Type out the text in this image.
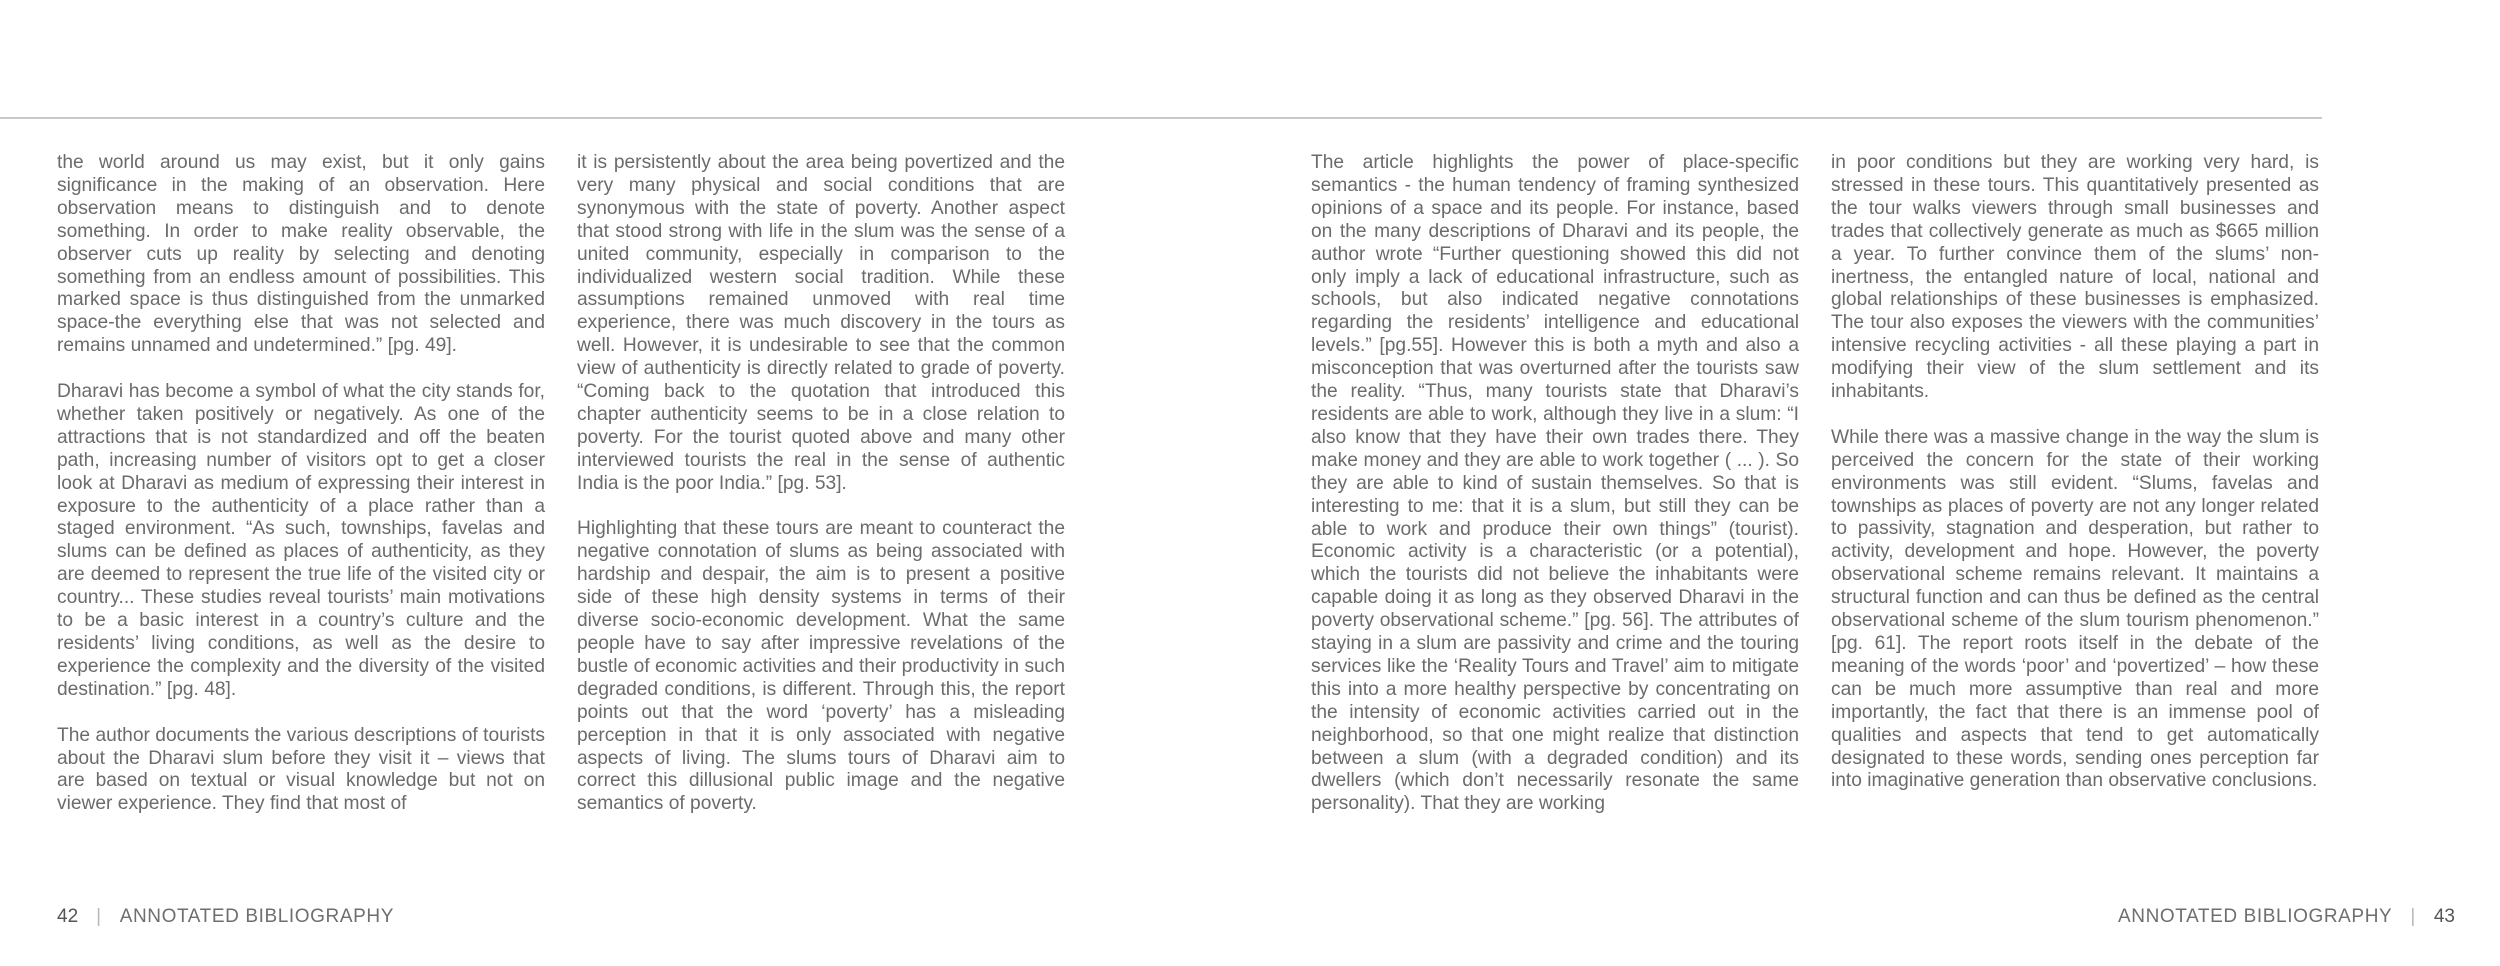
the world around us may exist, but it only gains significance in the making of an observation. Here observation means to distinguish and to denote something. In order to make reality observable, the observer cuts up reality by selecting and denoting something from an endless amount of possibilities. This marked space is thus distinguished from the unmarked space-the everything else that was not selected and remains unnamed and undetermined.” [pg. 49].

Dharavi has become a symbol of what the city stands for, whether taken positively or negatively. As one of the attractions that is not standardized and off the beaten path, increasing number of visitors opt to get a closer look at Dharavi as medium of expressing their interest in exposure to the authenticity of a place rather than a staged environment. “As such, townships, favelas and slums can be defined as places of authenticity, as they are deemed to represent the true life of the visited city or country... These studies reveal tourists’ main motivations to be a basic interest in a country’s culture and the residents’ living conditions, as well as the desire to experience the complexity and the diversity of the visited destination.” [pg. 48].

The author documents the various descriptions of tourists about the Dharavi slum before they visit it – views that are based on textual or visual knowledge but not on viewer experience. They find that most of

it is persistently about the area being povertized and the very many physical and social conditions that are synonymous with the state of poverty. Another aspect that stood strong with life in the slum was the sense of a united community, especially in comparison to the individualized western social tradition. While these assumptions remained unmoved with real time experience, there was much discovery in the tours as well. However, it is undesirable to see that the common view of authenticity is directly related to grade of poverty. “Coming back to the quotation that introduced this chapter authenticity seems to be in a close relation to poverty. For the tourist quoted above and many other interviewed tourists the real in the sense of authentic India is the poor India.” [pg. 53].

Highlighting that these tours are meant to counteract the negative connotation of slums as being associated with hardship and despair, the aim is to present a positive side of these high density systems in terms of their diverse socio-economic development. What the same people have to say after impressive revelations of the bustle of economic activities and their productivity in such degraded conditions, is different. Through this, the report points out that the word ‘poverty’ has a misleading perception in that it is only associated with negative aspects of living. The slums tours of Dharavi aim to correct this dillusional public image and the negative semantics of poverty.

The article highlights the power of place-specific semantics - the human tendency of framing synthesized opinions of a space and its people. For instance, based on the many descriptions of Dharavi and its people, the author wrote “Further questioning showed this did not only imply a lack of educational infrastructure, such as schools, but also indicated negative connotations regarding the residents’ intelligence and educational levels.” [pg.55]. However this is both a myth and also a misconception that was overturned after the tourists saw the reality. “Thus, many tourists state that Dharavi’s residents are able to work, although they live in a slum: “I also know that they have their own trades there. They make money and they are able to work together ( ... ). So they are able to kind of sustain themselves. So that is interesting to me: that it is a slum, but still they can be able to work and produce their own things” (tourist). Economic activity is a characteristic (or a potential), which the tourists did not believe the inhabitants were capable doing it as long as they observed Dharavi in the poverty observational scheme.” [pg. 56]. The attributes of staying in a slum are passivity and crime and the touring services like the ‘Reality Tours and Travel’ aim to mitigate this into a more healthy perspective by concentrating on the intensity of economic activities carried out in the neighborhood, so that one might realize that distinction between a slum (with a degraded condition) and its dwellers (which don’t necessarily resonate the same personality). That they are working

in poor conditions but they are working very hard, is stressed in these tours. This quantitatively presented as the tour walks viewers through small businesses and trades that collectively generate as much as $665 million a year. To further convince them of the slums’ non-inertness, the entangled nature of local, national and global relationships of these businesses is emphasized. The tour also exposes the viewers with the communities’ intensive recycling activities - all these playing a part in modifying their view of the slum settlement and its inhabitants.

While there was a massive change in the way the slum is perceived the concern for the state of their working environments was still evident. “Slums, favelas and townships as places of poverty are not any longer related to passivity, stagnation and desperation, but rather to activity, development and hope. However, the poverty observational scheme remains relevant. It maintains a structural function and can thus be defined as the central observational scheme of the slum tourism phenomenon.” [pg. 61]. The report roots itself in the debate of the meaning of the words ‘poor’ and ‘povertized’ – how these can be much more assumptive than real and more importantly, the fact that there is an immense pool of qualities and aspects that tend to get automatically designated to these words, sending ones perception far into imaginative generation than observative conclusions.

42 | ANNOTATED BIBLIOGRAPHY	ANNOTATED BIBLIOGRAPHY | 43
